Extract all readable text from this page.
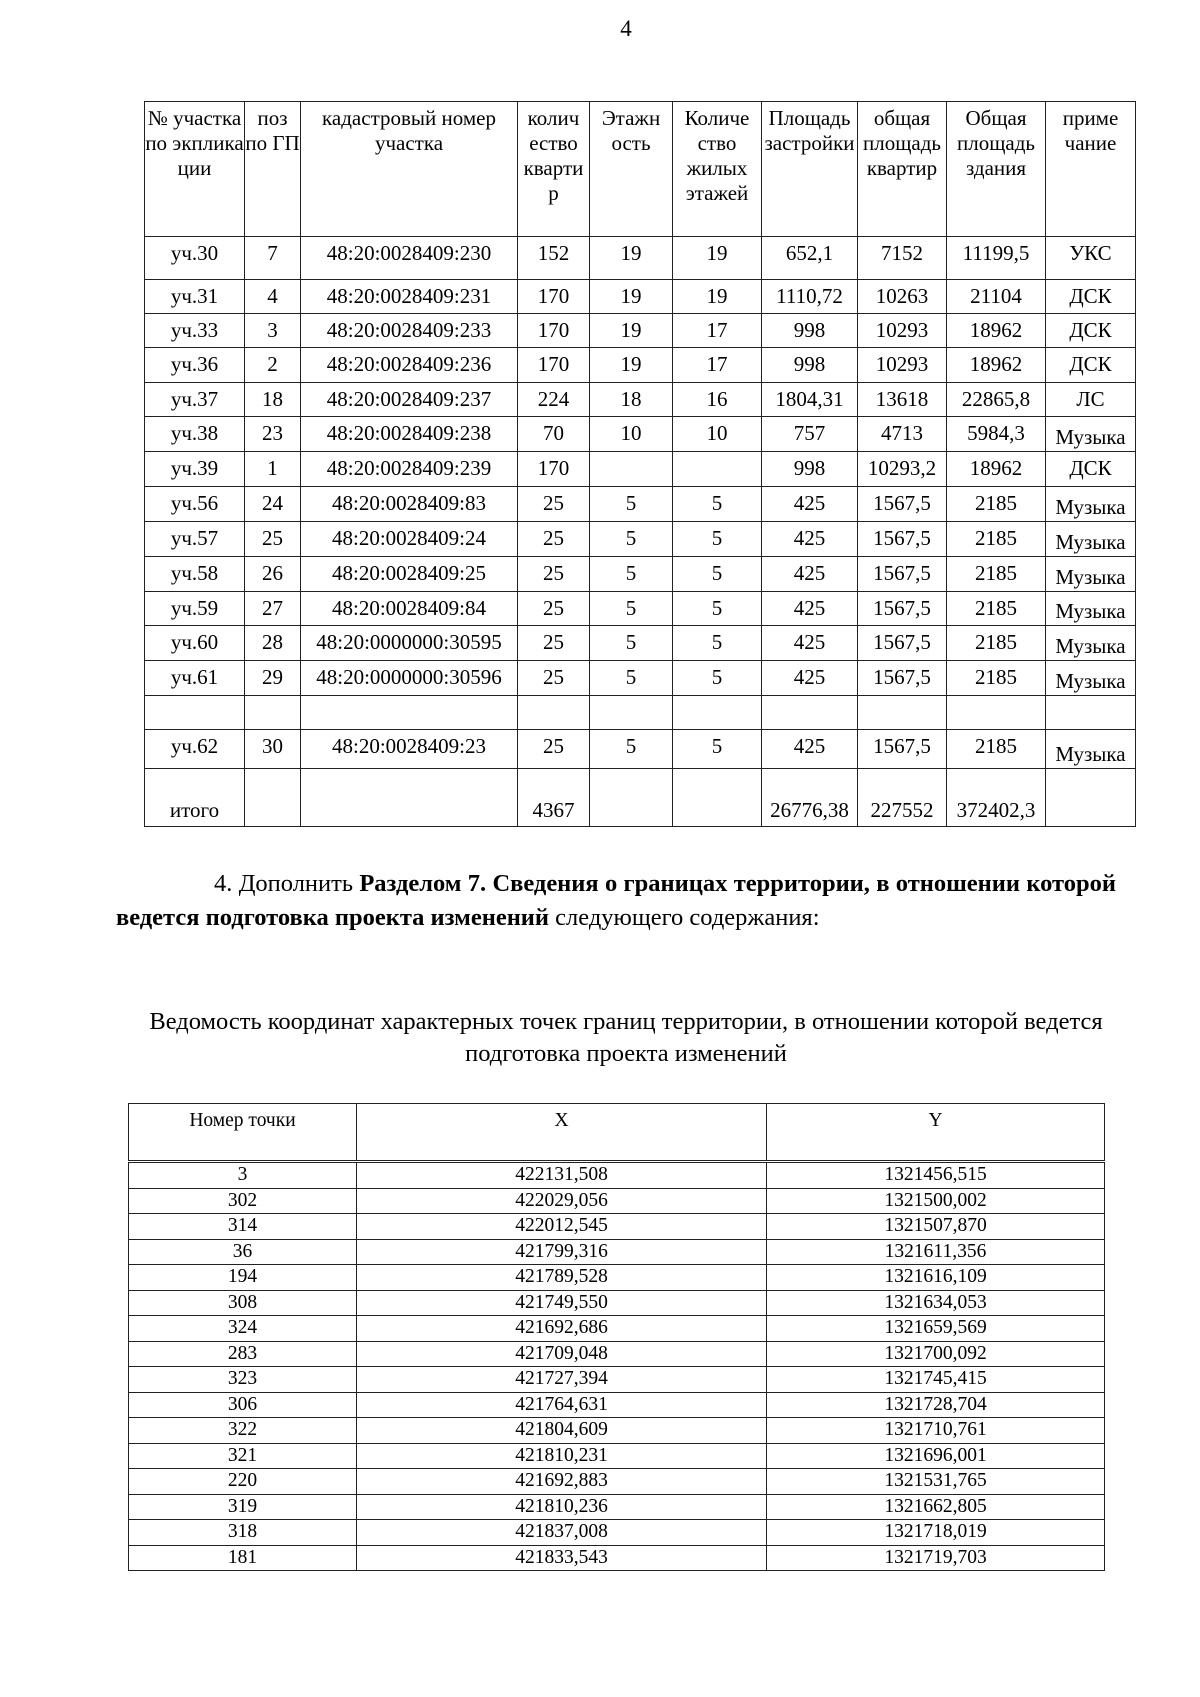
4
№ участка по экплика ции	поз по ГП	кадастровый номер участка	колич ество кварти р	Этажн ость	Количе ство жилых этажей	Площадь застройки	общая площадь квартир	Общая площадь здания	приме чание
уч.30	7	48:20:0028409:230	152	19	19	652,1	7152	11199,5	УКС
уч.31	4	48:20:0028409:231	170	19	19	1110,72	10263	21104	ДСК
уч.33	3	48:20:0028409:233	170	19	17	998	10293	18962	ДСК
уч.36	2	48:20:0028409:236	170	19	17	998	10293	18962	ДСК
уч.37	18	48:20:0028409:237	224	18	16	1804,31	13618	22865,8	ЛС
уч.38	23	48:20:0028409:238	70	10	10	757	4713	5984,3	Музыка
уч.39	1	48:20:0028409:239	170			998	10293,2	18962	ДСК
уч.56	24	48:20:0028409:83	25	5	5	425	1567,5	2185	Музыка
уч.57	25	48:20:0028409:24	25	5	5	425	1567,5	2185	Музыка
уч.58	26	48:20:0028409:25	25	5	5	425	1567,5	2185	Музыка
уч.59	27	48:20:0028409:84	25	5	5	425	1567,5	2185	Музыка
уч.60	28	48:20:0000000:30595	25	5	5	425	1567,5	2185	Музыка
уч.61	29	48:20:0000000:30596	25	5	5	425	1567,5	2185	Музыка

уч.62	30	48:20:0028409:23	25	5	5	425	1567,5	2185	Музыка
итого			4367			26776,38	227552	372402,3	
4. Дополнить Разделом 7. Сведения о границах территории, в отношении которой ведется подготовка проекта изменений следующего содержания:
Ведомость координат характерных точек границ территории, в отношении которой ведется подготовка проекта изменений
Номер точки	X	Y
3	422131,508	1321456,515
302	422029,056	1321500,002
314	422012,545	1321507,870
36	421799,316	1321611,356
194	421789,528	1321616,109
308	421749,550	1321634,053
324	421692,686	1321659,569
283	421709,048	1321700,092
323	421727,394	1321745,415
306	421764,631	1321728,704
322	421804,609	1321710,761
321	421810,231	1321696,001
220	421692,883	1321531,765
319	421810,236	1321662,805
318	421837,008	1321718,019
181	421833,543	1321719,703
